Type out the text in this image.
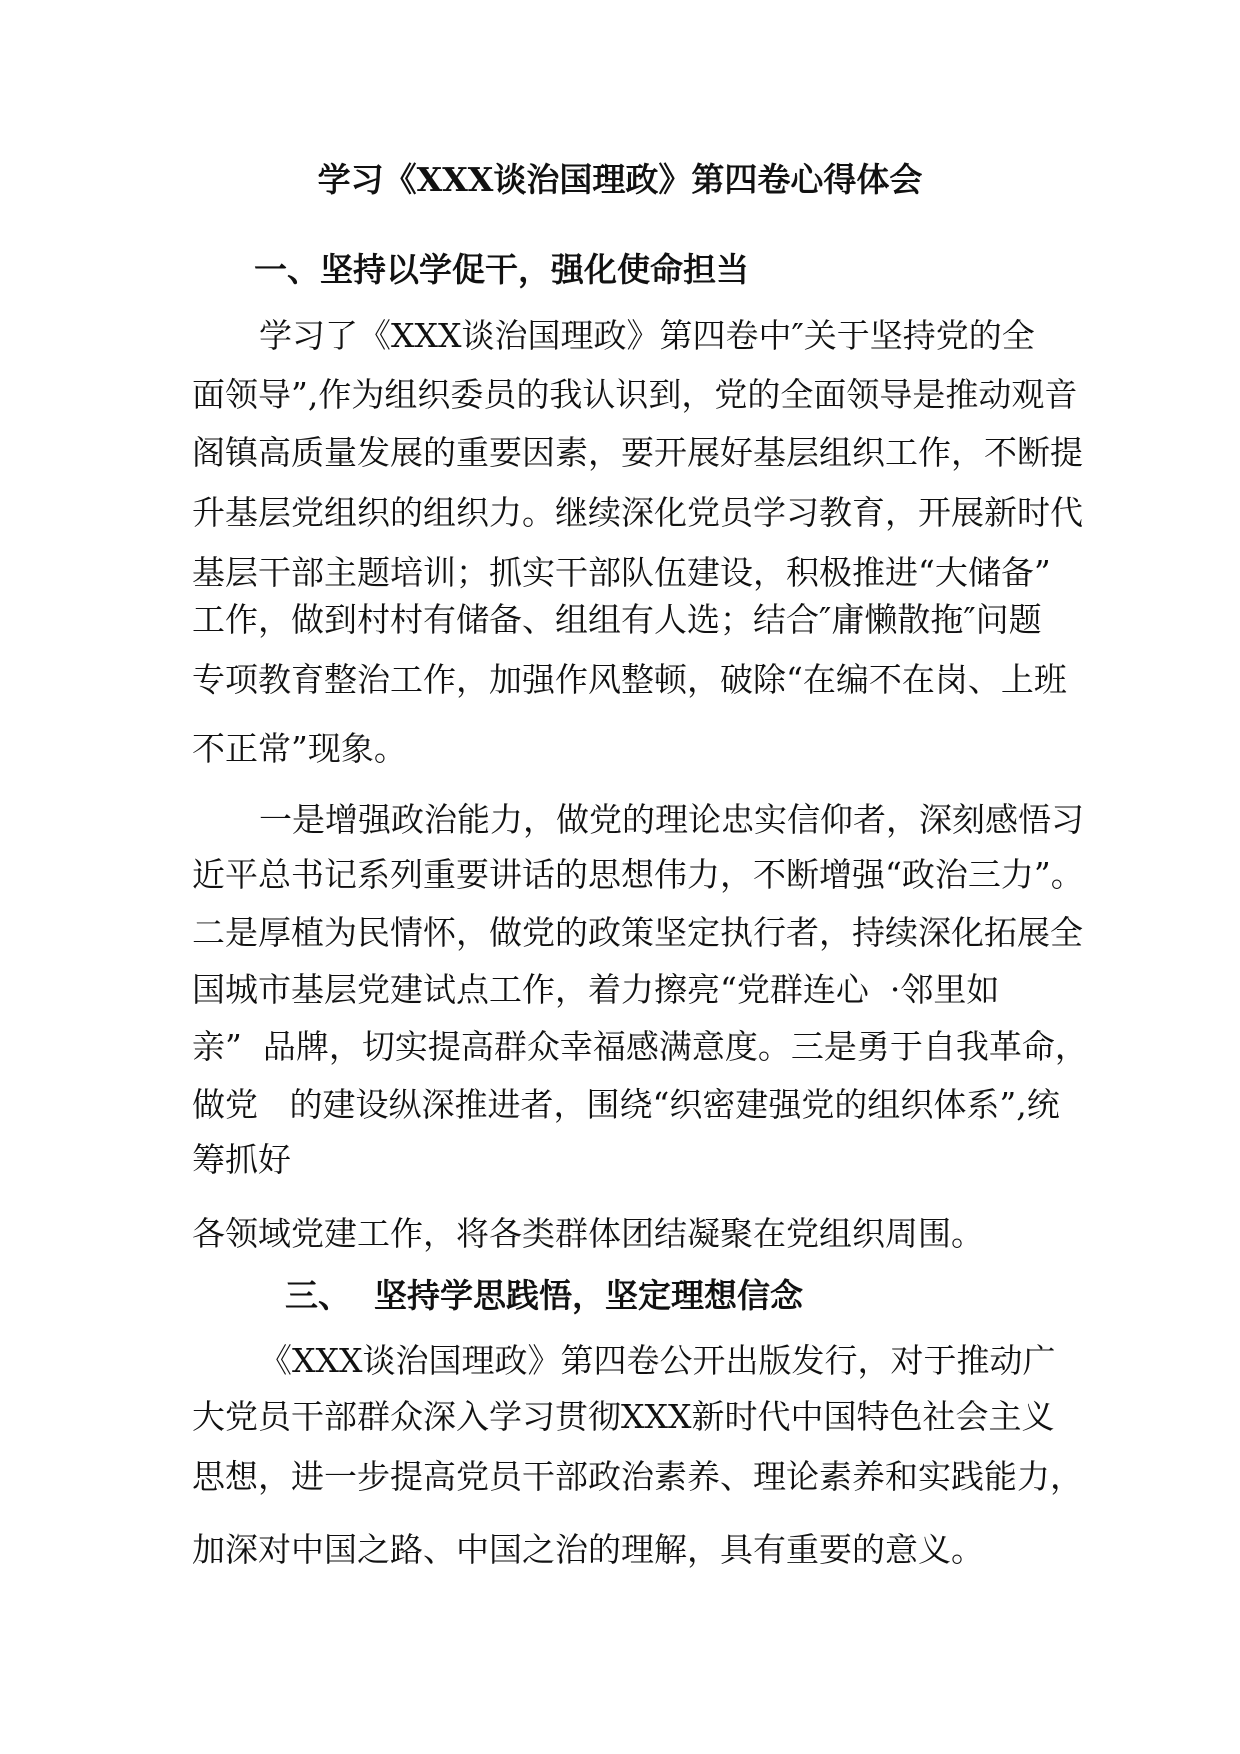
学习《XXX谈治国理政》第四卷心得体会
一、坚持以学促干，强化使命担当
学习了《XXX谈治国理政》第四卷中″关于坚持党的全
面领导”,作为组织委员的我认识到，党的全面领导是推动观音
阁镇高质量发展的重要因素，要开展好基层组织工作，不断提
升基层党组织的组织力。继续深化党员学习教育，开展新时代
基层干部主题培训；抓实干部队伍建设，积极推进“大储备”
工作，做到村村有储备、组组有人选；结合″庸懒散拖″问题
专项教育整治工作，加强作风整顿，破除“在编不在岗、上班
不正常”现象。
一是增强政治能力，做党的理论忠实信仰者，深刻感悟习
近平总书记系列重要讲话的思想伟力，不断增强“政治三力”。
二是厚植为民情怀，做党的政策坚定执行者，持续深化拓展全
国城市基层党建试点工作，着力擦亮“党群连心  ·邻里如
亲”  品牌，切实提高群众幸福感满意度。三是勇于自我革命，
做党   的建设纵深推进者，围绕“织密建强党的组织体系”,统
筹抓好
各领域党建工作，将各类群体团结凝聚在党组织周围。
三、  坚持学思践悟，坚定理想信念
《XXX谈治国理政》第四卷公开出版发行，对于推动广
大党员干部群众深入学习贯彻XXX新时代中国特色社会主义
思想，进一步提高党员干部政治素养、理论素养和实践能力，
加深对中国之路、中国之治的理解，具有重要的意义。
